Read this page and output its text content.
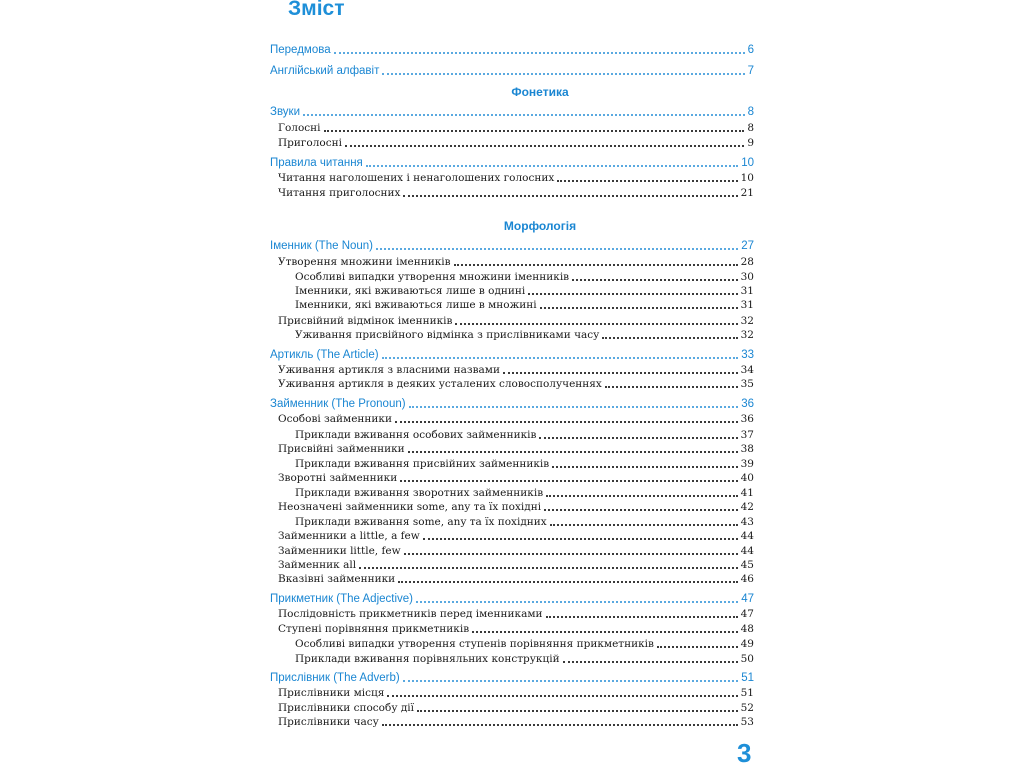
Зміст
Передмова	6
Англійський алфавіт	7
Фонетика
Звуки	8
Голосні	8
Приголосні	9
Правила читання	10
Читання наголошених і ненаголошених голосних	10
Читання приголосних	21
Морфологія
Іменник (The Noun)	27
Утворення множини іменників	28
Особливі випадки утворення множини іменників	30
Іменники, які вживаються лише в однині	31
Іменники, які вживаються лише в множині	31
Присвійний відмінок іменників	32
Уживання присвійного відмінка з прислівниками часу	32
Артикль (The Article)	33
Уживання артикля з власними назвами	34
Уживання артикля в деяких усталених словосполученнях	35
Займенник (The Pronoun)	36
Особові займенники	36
Приклади вживання особових займенників	37
Присвійні займенники	38
Приклади вживання присвійних займенників	39
Зворотні займенники	40
Приклади вживання зворотних займенників	41
Неозначені займенники some, any та їх похідні	42
Приклади вживання some, any та їх похідних	43
Займенники a little, a few	44
Займенники little, few	44
Займенник all	45
Вказівні займенники	46
Прикметник (The Adjective)	47
Послідовність прикметників перед іменниками	47
Ступені порівняння прикметників	48
Особливі випадки утворення ступенів порівняння прикметників	49
Приклади вживання порівняльних конструкцій	50
Прислівник (The Adverb)	51
Прислівники місця	51
Прислівники способу дії	52
Прислівники часу	53
3
